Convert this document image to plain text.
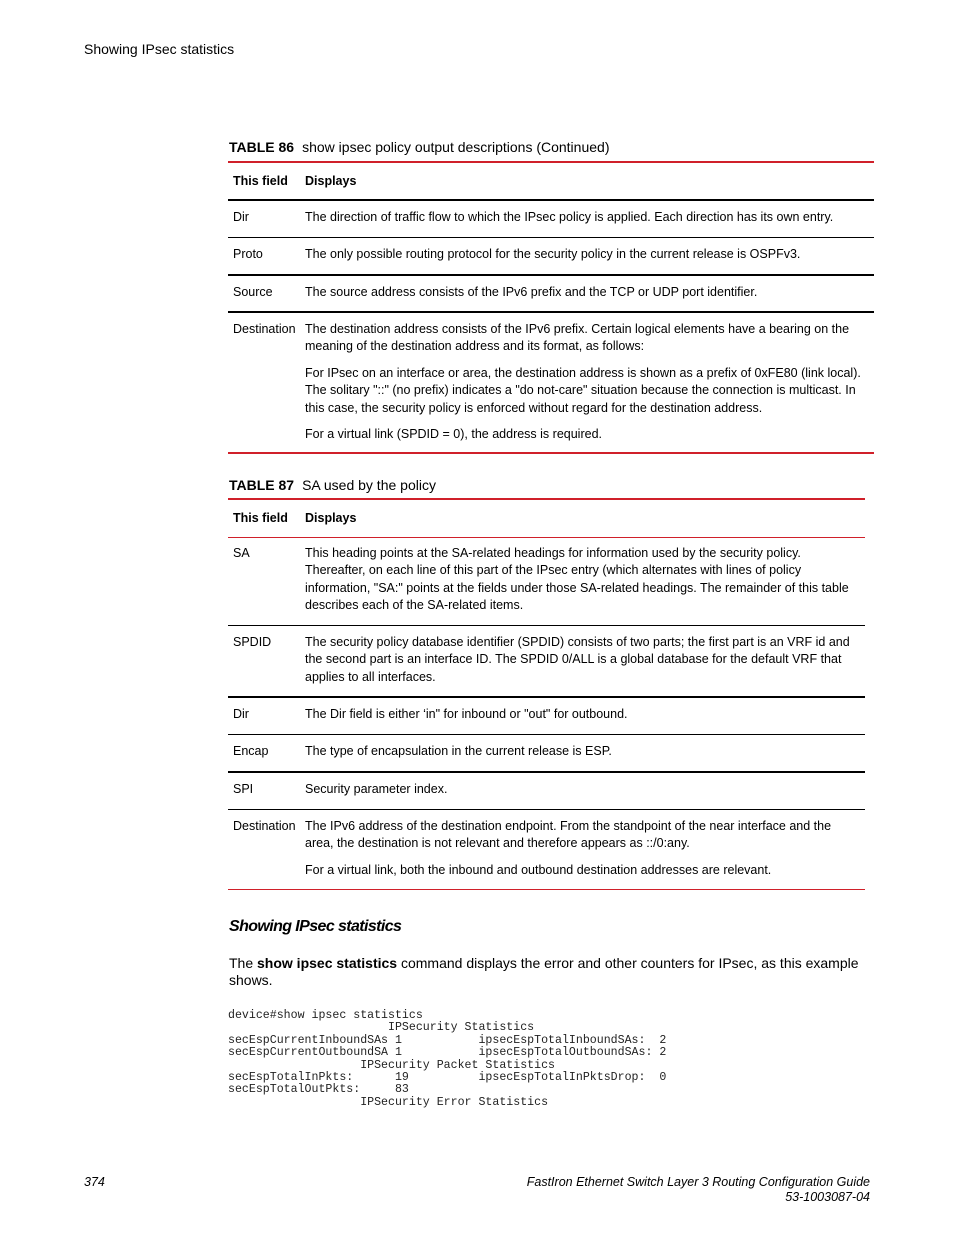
Showing IPsec statistics
TABLE 86 show ipsec policy output descriptions (Continued)
This field Displays
Dir	The direction of traffic flow to which the IPsec policy is applied. Each direction has its own entry.

Proto	The only possible routing protocol for the security policy in the current release is OSPFv3.

Source	The source address consists of the IPv6 prefix and the TCP or UDP port identifier.

Destination The destination address consists of the IPv6 prefix. Certain logical elements have a bearing on the meaning of the destination address and its format, as follows:

For IPsec on an interface or area, the destination address is shown as a prefix of 0xFE80 (link local). The solitary "::" (no prefix) indicates a "do not-care" situation because the connection is multicast. In this case, the security policy is enforced without regard for the destination address.

For a virtual link (SPDID = 0), the address is required.

TABLE 87 SA used by the policy
This field Displays
SA	This heading points at the SA-related headings for information used by the security policy. Thereafter, on each line of this part of the IPsec entry (which alternates with lines of policy information, "SA:" points at the fields under those SA-related headings. The remainder of this table describes each of the SA-related items.

SPDID	The security policy database identifier (SPDID) consists of two parts; the first part is an VRF id and the second part is an interface ID. The SPDID 0/ALL is a global database for the default VRF that applies to all interfaces.

Dir	The Dir field is either ‘in" for inbound or "out" for outbound.

Encap	The type of encapsulation in the current release is ESP.

SPI	Security parameter index.

Destination The IPv6 address of the destination endpoint. From the standpoint of the near interface and the area, the destination is not relevant and therefore appears as ::/0:any.

For a virtual link, both the inbound and outbound destination addresses are relevant.

Showing IPsec statistics
The show ipsec statistics command displays the error and other counters for IPsec, as this example shows.
device#show ipsec statistics
IPSecurity Statistics
secEspCurrentInboundSAs 1           ipsecEspTotalInboundSAs:  2
secEspCurrentOutboundSA 1           ipsecEspTotalOutboundSAs: 2
IPSecurity Packet Statistics
secEspTotalInPkts:      19          ipsecEspTotalInPktsDrop:  0
secEspTotalOutPkts:     83
IPSecurity Error Statistics
374	FastIron Ethernet Switch Layer 3 Routing Configuration Guide
53-1003087-04
